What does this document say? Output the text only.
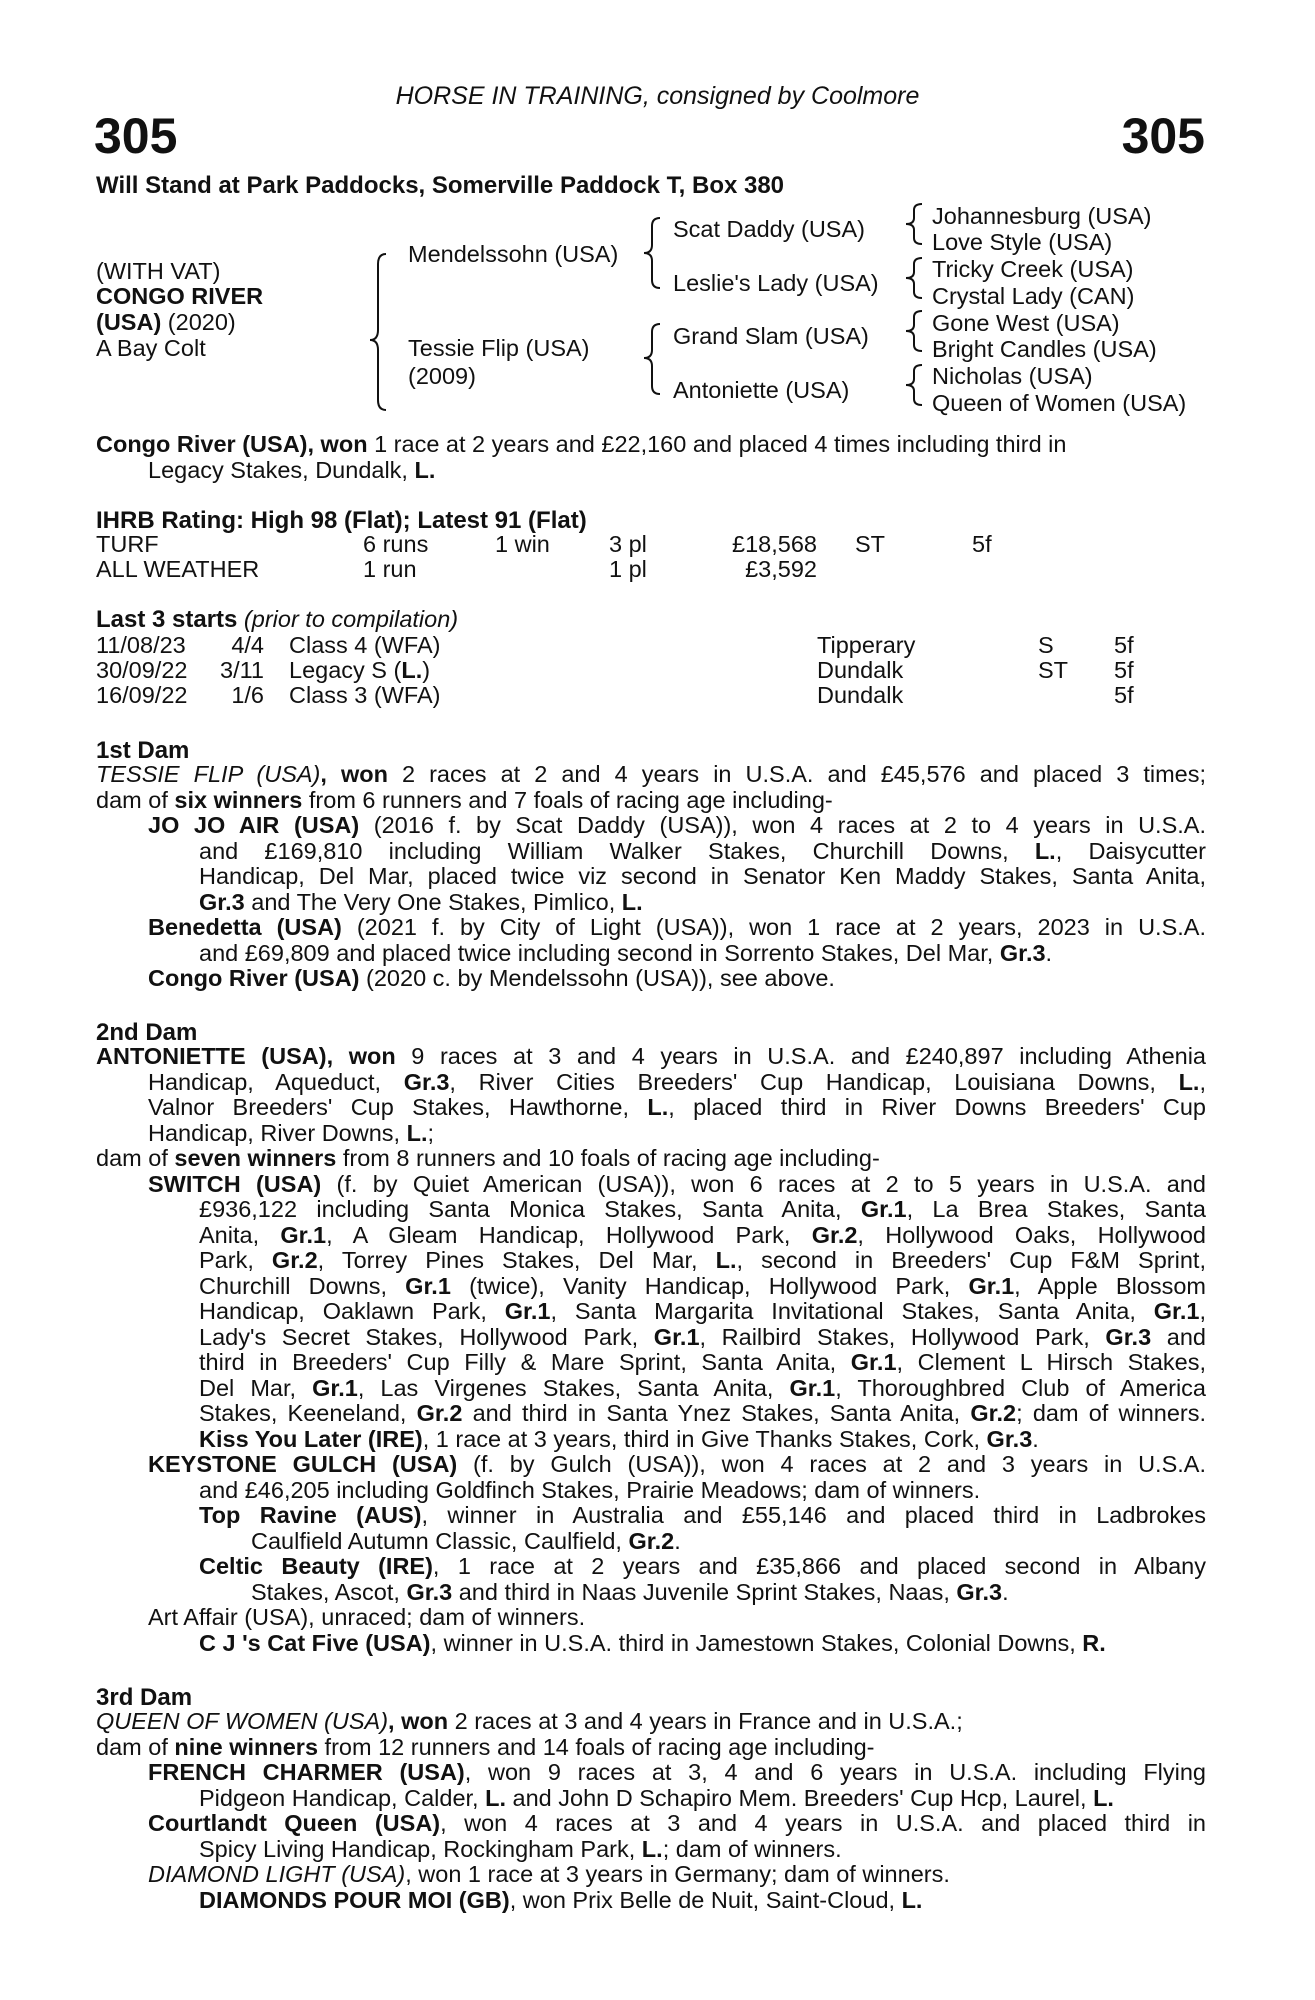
HORSE IN TRAINING, consigned by Coolmore
305	305
Will Stand at Park Paddocks, Somerville Paddock T, Box 380
(WITH VAT)
CONGO RIVER
(USA) (2020)
A Bay Colt
Mendelssohn (USA)
Tessie Flip (USA)
(2009)
Scat Daddy (USA)
Leslie's Lady (USA)
Grand Slam (USA)
Antoniette (USA)
Johannesburg (USA)
Love Style (USA)
Tricky Creek (USA)
Crystal Lady (CAN)
Gone West (USA)
Bright Candles (USA)
Nicholas (USA)
Queen of Women (USA)
Congo River (USA), won 1 race at 2 years and £22,160 and placed 4 times including third in
Legacy Stakes, Dundalk, L.
IHRB Rating: High 98 (Flat); Latest 91 (Flat)
TURF	6 runs	1 win	3 pl	£18,568 ST	5f
ALL WEATHER	1 run	1 pl	£3,592
Last 3 starts (prior to compilation)
11/08/23 4/4 Class 4 (WFA)	Tipperary	S	5f
30/09/22 3/11 Legacy S (L.)	Dundalk	ST 5f
16/09/22 1/6 Class 3 (WFA)	Dundalk	5f
1st Dam
TESSIE FLIP (USA), won 2 races at 2 and 4 years in U.S.A. and £45,576 and placed 3 times;
dam of six winners from 6 runners and 7 foals of racing age including-
JO JO AIR (USA) (2016 f. by Scat Daddy (USA)), won 4 races at 2 to 4 years in U.S.A.
and £169,810 including William Walker Stakes, Churchill Downs, L., Daisycutter
Handicap, Del Mar, placed twice viz second in Senator Ken Maddy Stakes, Santa Anita,
Gr.3 and The Very One Stakes, Pimlico, L.
Benedetta (USA) (2021 f. by City of Light (USA)), won 1 race at 2 years, 2023 in U.S.A.
and £69,809 and placed twice including second in Sorrento Stakes, Del Mar, Gr.3.
Congo River (USA) (2020 c. by Mendelssohn (USA)), see above.
2nd Dam
ANTONIETTE (USA), won 9 races at 3 and 4 years in U.S.A. and £240,897 including Athenia
Handicap, Aqueduct, Gr.3, River Cities Breeders' Cup Handicap, Louisiana Downs, L.,
Valnor Breeders' Cup Stakes, Hawthorne, L., placed third in River Downs Breeders' Cup
Handicap, River Downs, L.;
dam of seven winners from 8 runners and 10 foals of racing age including-
SWITCH (USA) (f. by Quiet American (USA)), won 6 races at 2 to 5 years in U.S.A. and
£936,122 including Santa Monica Stakes, Santa Anita, Gr.1, La Brea Stakes, Santa
Anita, Gr.1, A Gleam Handicap, Hollywood Park, Gr.2, Hollywood Oaks, Hollywood
Park, Gr.2, Torrey Pines Stakes, Del Mar, L., second in Breeders' Cup F&M Sprint,
Churchill Downs, Gr.1 (twice), Vanity Handicap, Hollywood Park, Gr.1, Apple Blossom
Handicap, Oaklawn Park, Gr.1, Santa Margarita Invitational Stakes, Santa Anita, Gr.1,
Lady's Secret Stakes, Hollywood Park, Gr.1, Railbird Stakes, Hollywood Park, Gr.3 and
third in Breeders' Cup Filly & Mare Sprint, Santa Anita, Gr.1, Clement L Hirsch Stakes,
Del Mar, Gr.1, Las Virgenes Stakes, Santa Anita, Gr.1, Thoroughbred Club of America
Stakes, Keeneland, Gr.2 and third in Santa Ynez Stakes, Santa Anita, Gr.2; dam of winners.
Kiss You Later (IRE), 1 race at 3 years, third in Give Thanks Stakes, Cork, Gr.3.
KEYSTONE GULCH (USA) (f. by Gulch (USA)), won 4 races at 2 and 3 years in U.S.A.
and £46,205 including Goldfinch Stakes, Prairie Meadows; dam of winners.
Top Ravine (AUS), winner in Australia and £55,146 and placed third in Ladbrokes
Caulfield Autumn Classic, Caulfield, Gr.2.
Celtic Beauty (IRE), 1 race at 2 years and £35,866 and placed second in Albany
Stakes, Ascot, Gr.3 and third in Naas Juvenile Sprint Stakes, Naas, Gr.3.
Art Affair (USA), unraced; dam of winners.
C J 's Cat Five (USA), winner in U.S.A. third in Jamestown Stakes, Colonial Downs, R.
3rd Dam
QUEEN OF WOMEN (USA), won 2 races at 3 and 4 years in France and in U.S.A.;
dam of nine winners from 12 runners and 14 foals of racing age including-
FRENCH CHARMER (USA), won 9 races at 3, 4 and 6 years in U.S.A. including Flying
Pidgeon Handicap, Calder, L. and John D Schapiro Mem. Breeders' Cup Hcp, Laurel, L.
Courtlandt Queen (USA), won 4 races at 3 and 4 years in U.S.A. and placed third in
Spicy Living Handicap, Rockingham Park, L.; dam of winners.
DIAMOND LIGHT (USA), won 1 race at 3 years in Germany; dam of winners.
DIAMONDS POUR MOI (GB), won Prix Belle de Nuit, Saint-Cloud, L.
